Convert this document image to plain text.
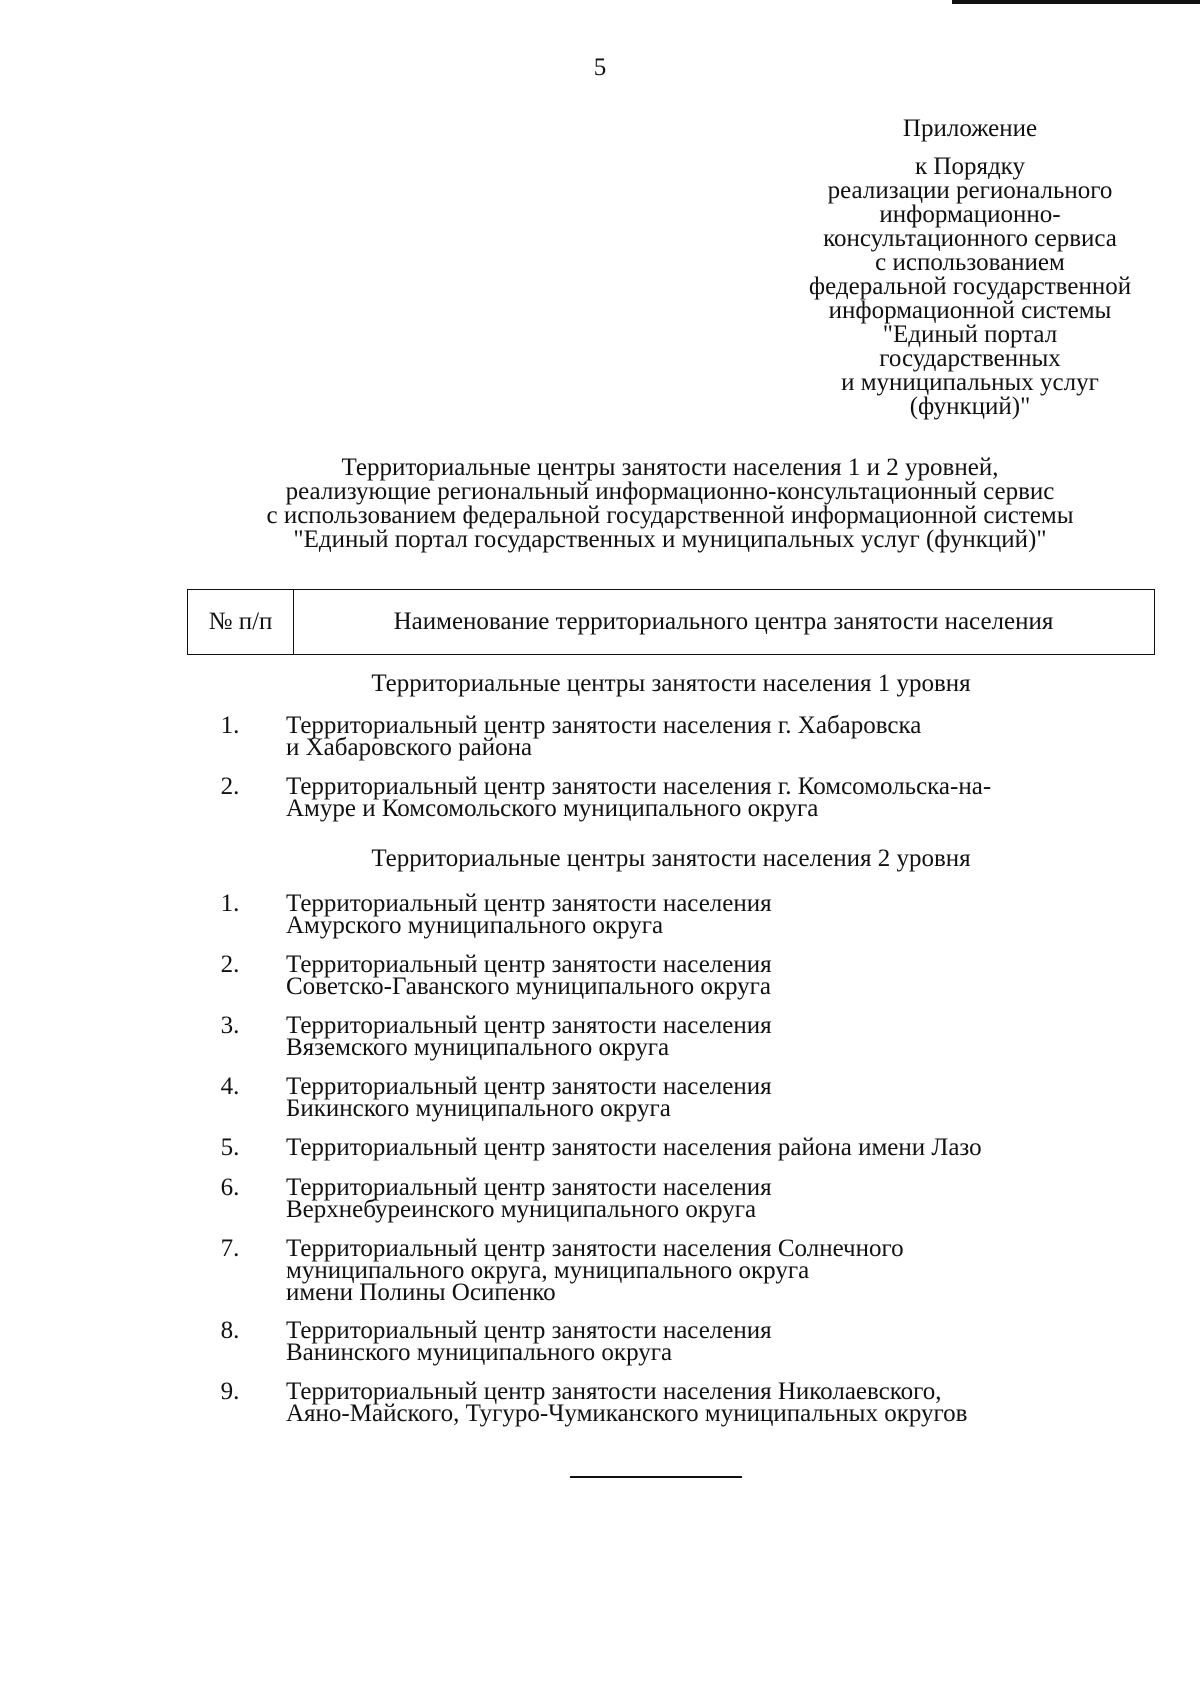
5
Приложение
к Порядку
реализации регионального
информационно-
консультационного сервиса
с использованием
федеральной государственной
информационной системы
"Единый портал
государственных
и муниципальных услуг
(функций)"
Территориальные центры занятости населения 1 и 2 уровней,
реализующие региональный информационно-консультационный сервис
с использованием федеральной государственной информационной системы
"Единый портал государственных и муниципальных услуг (функций)"
№ п/п	Наименование территориального центра занятости населения
Территориальные центры занятости населения 1 уровня
1.	Территориальный центр занятости населения г. Хабаровска
и Хабаровского района
2.	Территориальный центр занятости населения г. Комсомольска-на-
Амуре и Комсомольского муниципального округа
Территориальные центры занятости населения 2 уровня
1.	Территориальный центр занятости населения
Амурского муниципального округа
2.	Территориальный центр занятости населения
Советско-Гаванского муниципального округа
3.	Территориальный центр занятости населения
Вяземского муниципального округа
4.	Территориальный центр занятости населения
Бикинского муниципального округа
5.	Территориальный центр занятости населения района имени Лазо
6.	Территориальный центр занятости населения
Верхнебуреинского муниципального округа
7.	Территориальный центр занятости населения Солнечного
муниципального округа, муниципального округа
имени Полины Осипенко
8.	Территориальный центр занятости населения
Ванинского муниципального округа
9.	Территориальный центр занятости населения Николаевского,
Аяно-Майского, Тугуро-Чумиканского муниципальных округов
